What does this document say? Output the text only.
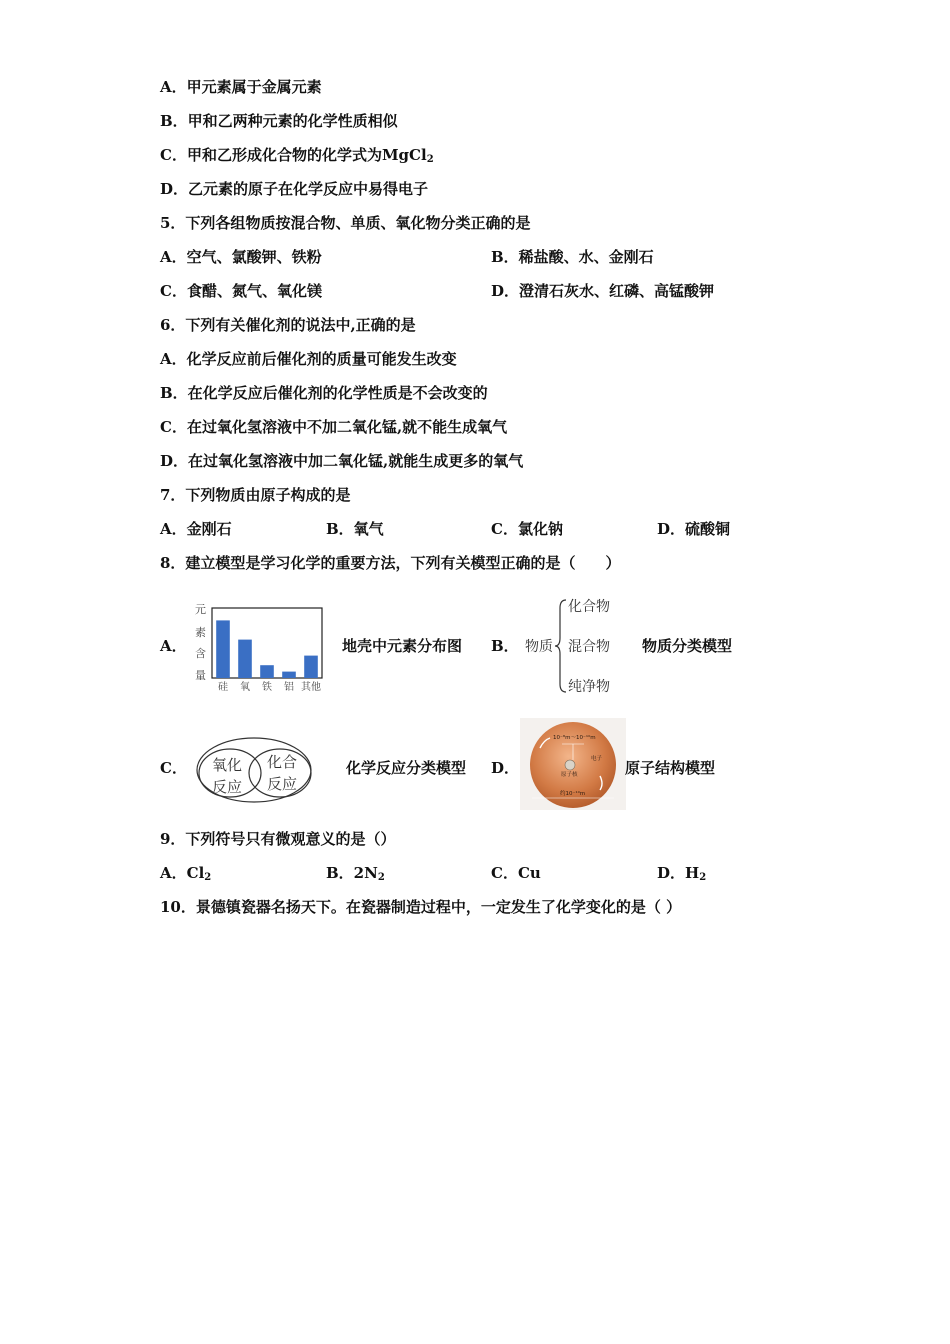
A．甲元素属于金属元素
B．甲和乙两种元素的化学性质相似
C．甲和乙形成化合物的化学式为MgCl$_2$
D．乙元素的原子在化学反应中易得电子
5．下列各组物质按混合物、单质、氧化物分类正确的是
A．空气、氯酸钾、铁粉	B．稀盐酸、水、金刚石
C．食醋、氮气、氧化镁	D．澄清石灰水、红磷、高锰酸钾
6．下列有关催化剂的说法中,正确的是
A．化学反应前后催化剂的质量可能发生改变
B．在化学反应后催化剂的化学性质是不会改变的
C．在过氧化氢溶液中不加二氧化锰,就不能生成氧气
D．在过氧化氢溶液中加二氧化锰,就能生成更多的氧气
7．下列物质由原子构成的是
A．金刚石	B．氧气	C．氯化钠	D．硫酸铜
8．建立模型是学习化学的重要方法，下列有关模型正确的是（　　）
A．
元
素
含
量
硅 氧 铁 铝 其他
地壳中元素分布图 B． 物质
化合物
混合物
纯净物
物质分类模型
C． 氧化
反应
化合
反应
化学反应分类模型 D．
10⁻⁸m～10⁻¹⁰m
原子核
电子
约10⁻¹⁰m
原子结构模型
9．下列符号只有微观意义的是（）
A．$Cl_2$	B．$2N_2$	C．Cu	D．$H_2$
10．景德镇瓷器名扬天下。在瓷器制造过程中，一定发生了化学变化的是（ ）
